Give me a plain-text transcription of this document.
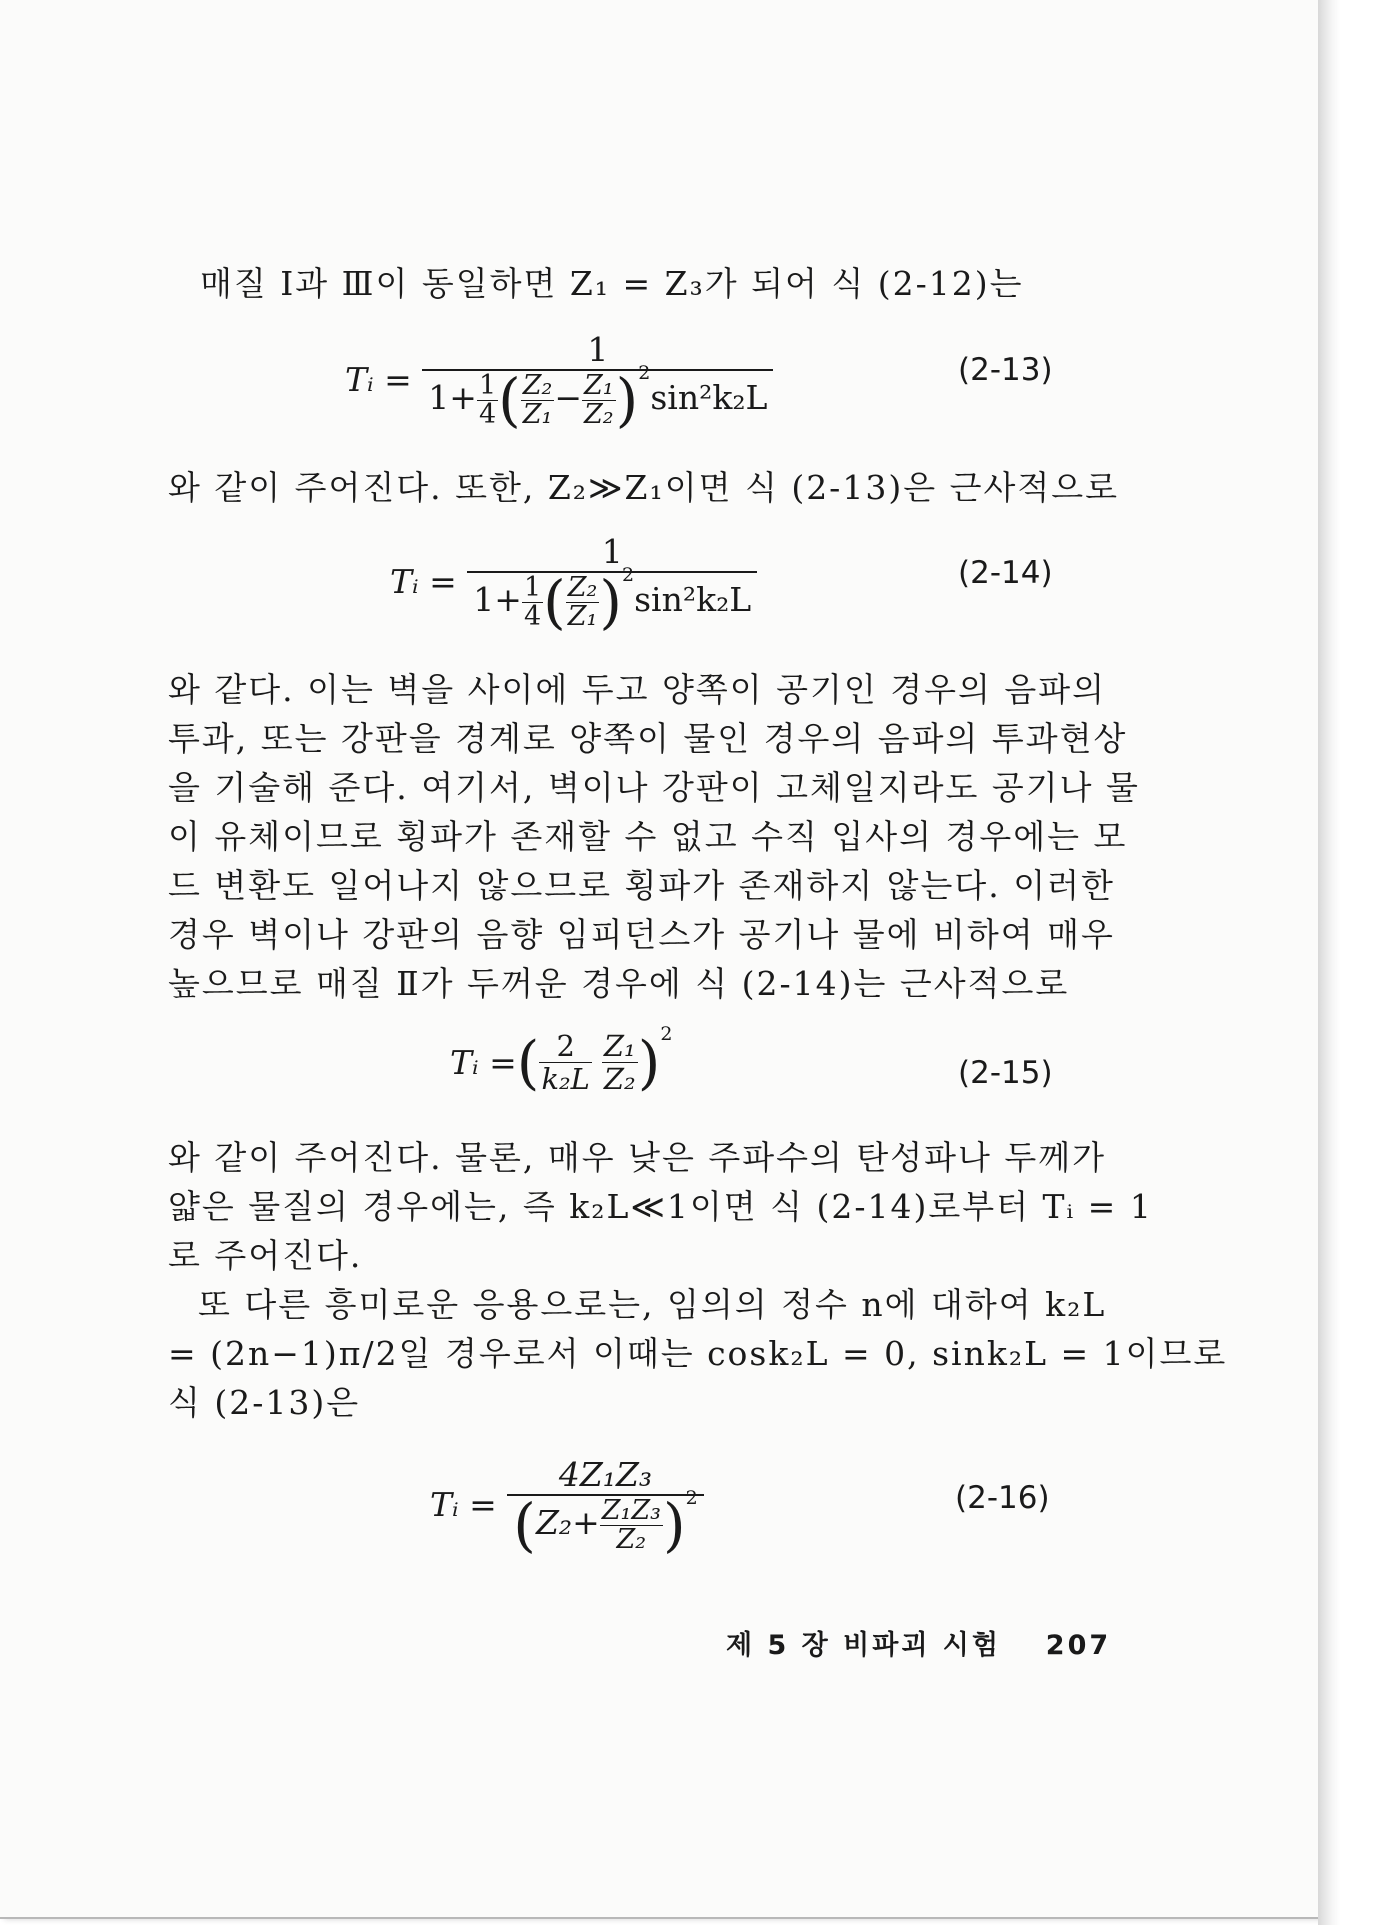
매질 Ⅰ과 Ⅲ이 동일하면 Z₁ = Z₃가 되어 식 (2-12)는
Tᵢ = $\frac{1}{1+ \frac{1}{4} ( \frac{\text{Z₂}}{\text{Z₁}} - \frac{\text{Z₁}}{\text{Z₂}} )^2\sin^2k_2L}$	(2-13)
와 같이 주어진다. 또한, Z₂≫Z₁이면 식 (2-13)은 근사적으로
Tᵢ = $\frac{1}{1+ \frac{1}{4} ( \frac{\text{Z₂}}{\text{Z₁}} )^2\sin^2k_2L}$	(2-14)
와 같다. 이는 벽을 사이에 두고 양쪽이 공기인 경우의 음파의
투과, 또는 강판을 경계로 양쪽이 물인 경우의 음파의 투과현상
을 기술해 준다. 여기서, 벽이나 강판이 고체일지라도 공기나 물
이 유체이므로 횡파가 존재할 수 없고 수직 입사의 경우에는 모
드 변환도 일어나지 않으므로 횡파가 존재하지 않는다. 이러한
경우 벽이나 강판의 음향 임피던스가 공기나 물에 비하여 매우
높으므로 매질 Ⅱ가 두꺼운 경우에 식 (2-14)는 근사적으로
Tᵢ =( $\frac{2}{\text{k₂L}} \frac{\text{Z₁}}{\text{Z₂}} )^2$
(2-15)
와 같이 주어진다. 물론, 매우 낮은 주파수의 탄성파나 두께가
얇은 물질의 경우에는, 즉 k₂L≪1이면 식 (2-14)로부터 Tᵢ = 1
로 주어진다.
또 다른 흥미로운 응용으로는, 임의의 정수 n에 대하여 k₂L
= (2n−1)π/2일 경우로서 이때는 cosk₂L = 0, sink₂L = 1이므로
식 (2-13)은
Tᵢ = $\frac{\text{4Z₁Z₃}}{(Z_2+ \frac{\text{Z₁Z₃}}{\text{Z₂}} )^2}$	(2-16)
제 5 장 비파괴 시험 207
